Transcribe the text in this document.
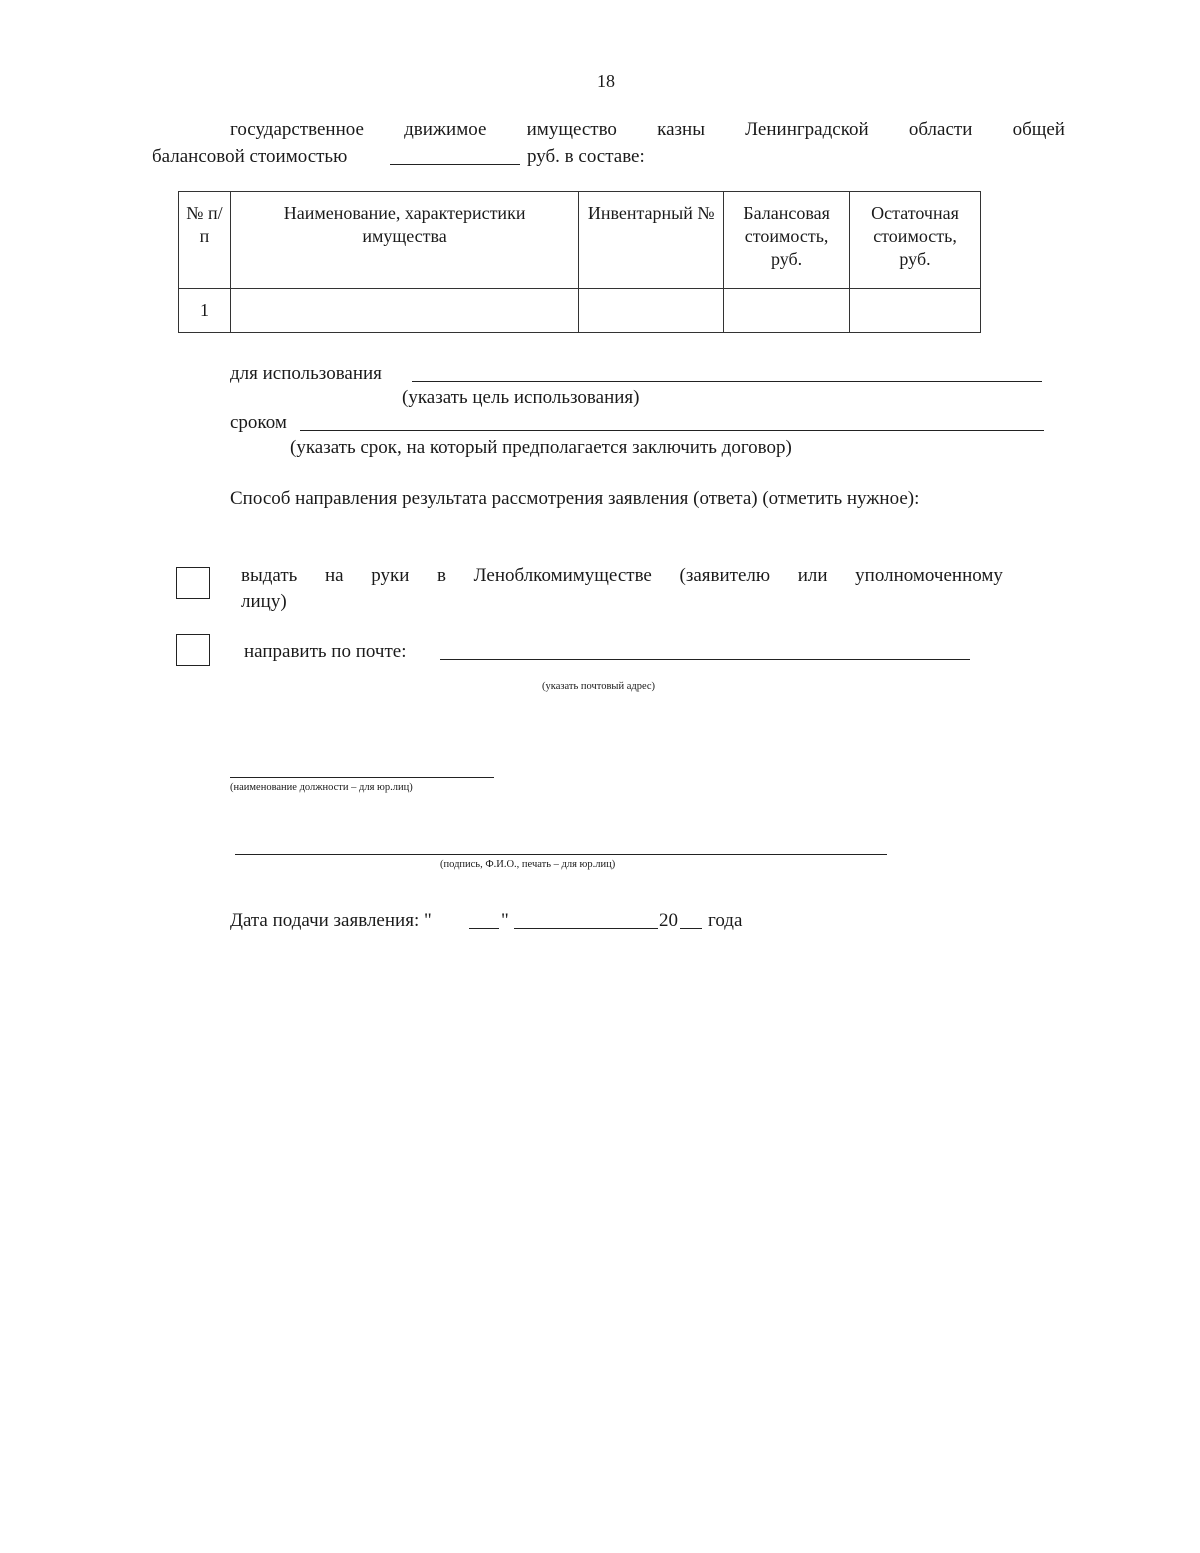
18
государственное движимое имущество казны Ленинградской области общей
балансовой стоимостью	руб. в составе:
№ п/п	Наименование, характеристики имущества	Инвентарный №	Балансовая стоимость, руб.	Остаточная стоимость, руб.
1				
для использования
(указать цель использования)
сроком
(указать срок, на который предполагается заключить договор)
Способ направления результата рассмотрения заявления (ответа) (отметить нужное):
выдать на руки в Леноблкомимуществе (заявителю или уполномоченному
лицу)
направить по почте:
(указать почтовый адрес)
(наименование должности – для юр.лиц)
(подпись, Ф.И.О., печать – для юр.лиц)
Дата подачи заявления: "	"	20 года
